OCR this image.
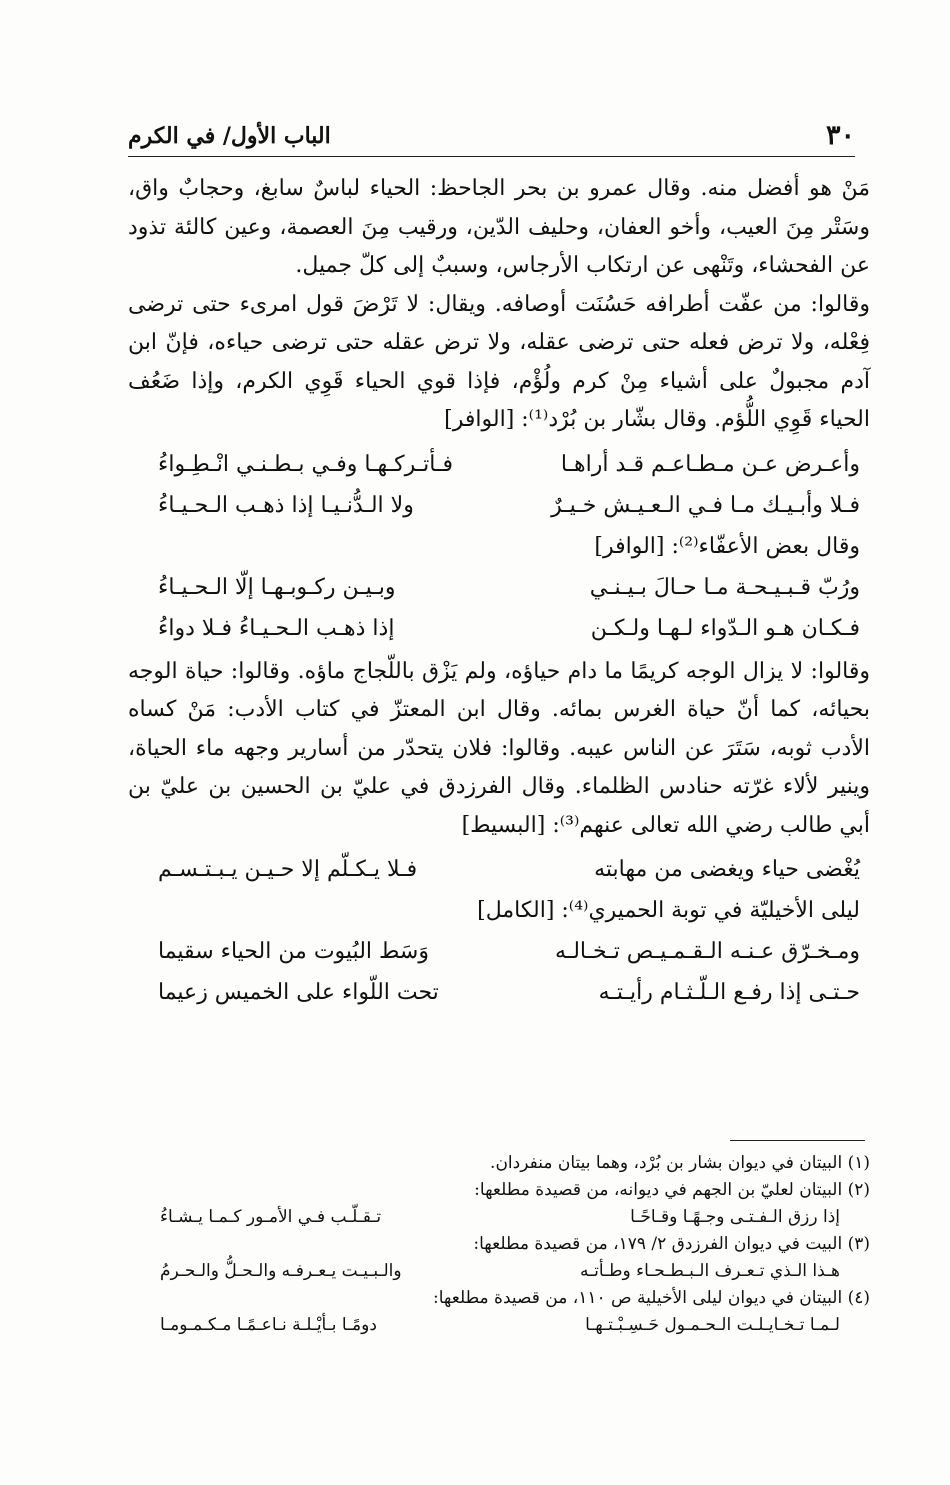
٣٠
الباب الأول/ في الكرم

مَنْ هو أفضل منه. وقال عمرو بن بحر الجاحظ: الحياء لباسٌ سابغ، وحجابٌ واق، وسَتْر مِنَ العيب، وأخو العفان، وحليف الدّين، ورقيب مِنَ العصمة، وعين كالئة تذود عن الفحشاء، وتَنْهى عن ارتكاب الأرجاس، وسببٌ إلى كلّ جميل.

وقالوا: من عفّت أطرافه حَسُنَت أوصافه. ويقال: لا تَرْضَ قول امرىء حتى ترضى فِعْله، ولا ترض فعله حتى ترضى عقله، ولا ترض عقله حتى ترضى حياءه، فإنّ ابن آدم مجبولٌ على أشياء مِنْ كرم ولُؤْم، فإذا قوي الحياء قَوِي الكرم، وإذا ضَعُف الحياء قَوِي اللُّؤم. وقال بشّار بن بُرْد⁽¹⁾: [الوافر]

وأعـرض عـن مـطـاعـم قـد أراهـا
فـأتـركـهـا وفـي بـطـنـي انْـطِـواءُ
فـلا وأبـيـك مـا فـي الـعـيـش خـيـرٌ
ولا الـدُّنـيـا إذا ذهـب الـحـيـاءُ
وقال بعض الأعفّاء⁽²⁾: [الوافر]
ورُبّ قـبـيـحـة مـا حـالَ بـيـنـي
وبـيـن ركـوبـهـا إلّا الـحـيـاءُ
فـكـان هـو الـدّواء لـهـا ولـكـن
إذا ذهـب الـحـيـاءُ فـلا دواءُ

وقالوا: لا يزال الوجه كريمًا ما دام حياؤه، ولم يَزْق باللّجاج ماؤه. وقالوا: حياة الوجه بحيائه، كما أنّ حياة الغرس بمائه. وقال ابن المعتزّ في كتاب الأدب: مَنْ كساه الأدب ثوبه، سَتَرَ عن الناس عيبه. وقالوا: فلان يتحدّر من أسارير وجهه ماء الحياة، وينير لألاء غرّته حنادس الظلماء. وقال الفرزدق في عليّ بن الحسين بن عليّ بن أبي طالب رضي الله تعالى عنهم⁽³⁾: [البسيط]

يُغْضى حياء ويغضى من مهابته
فـلا يـكـلّم إلا حـيـن يـبـتـسـم
ليلى الأخيليّة في توبة الحميري⁽⁴⁾: [الكامل]
ومـخـرّق عـنـه الـقـمـيـص تـخـالـه
وَسَط البُيوت من الحياء سقيما
حـتـى إذا رفـع الـلّـثـام رأيـتـه
تحت اللّواء على الخميس زعيما

(١) البيتان في ديوان بشار بن بُرْد، وهما بيتان منفردان.

(٢) البيتان لعليّ بن الجهم في ديوانه، من قصيدة مطلعها:

إذا رزق الـفـتـى وجـهًـا وقـاحًـا
تـقـلّـب فـي الأمـور كـمـا يـشـاءُ

(٣) البيت في ديوان الفرزدق ٢/ ١٧٩، من قصيدة مطلعها:

هـذا الـذي تـعـرف الـبـطـحـاء وطـأتـه
والـبـيـت يـعـرفـه والـحـلُّ والـحـرمُ

(٤) البيتان في ديوان ليلى الأخيلية ص ١١٠، من قصيدة مطلعها:

لـمـا تـخـايـلـت الـحـمـول حَـسِـبْـتـهـا
دومًـا بـأيْـلـة نـاعـمًـا مـكـمـومـا
